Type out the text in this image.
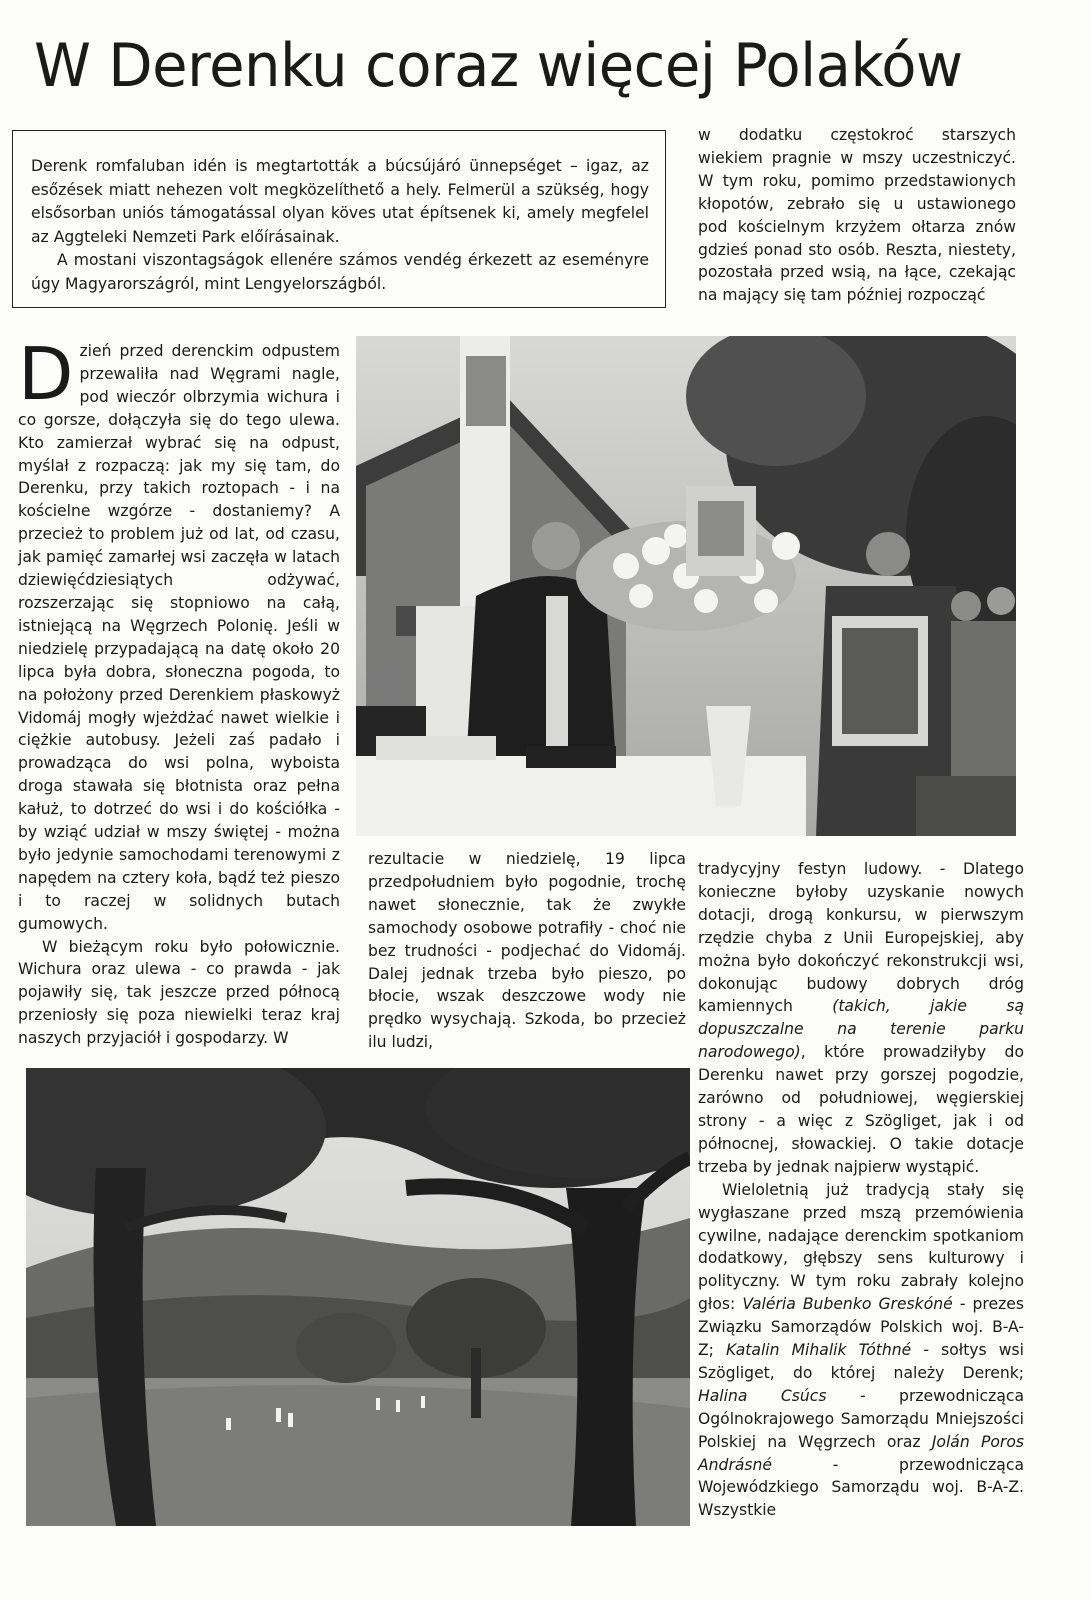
W Derenku coraz więcej Polaków

Derenk romfaluban idén is megtartották a búcsújáró ünnepséget – igaz, az esőzések miatt nehezen volt megközelíthető a hely. Felmerül a szükség, hogy elsősorban uniós támogatással olyan köves utat építsenek ki, amely megfelel az Aggteleki Nemzeti Park előírásainak.

A mostani viszontagságok ellenére számos vendég érkezett az eseményre úgy Magyarországról, mint Lengyelországból.

w dodatku częstokroć starszych wiekiem pragnie w mszy uczestniczyć. W tym roku, pomimo przedstawionych kłopotów, zebrało się u ustawionego pod kościelnym krzyżem ołtarza znów gdzieś ponad sto osób. Reszta, niestety, pozostała przed wsią, na łące, czekając na mający się tam później rozpocząć

Dzień przed derenckim odpustem przewaliła nad Węgrami nagle, pod wieczór olbrzymia wichura i co gorsze, dołączyła się do tego ulewa. Kto zamierzał wybrać się na odpust, myślał z rozpaczą: jak my się tam, do Derenku, przy takich roztopach - i na kościelne wzgórze - dostaniemy? A przecież to problem już od lat, od czasu, jak pamięć zamarłej wsi zaczęła w latach dziewięćdziesiątych odżywać, rozszerzając się stopniowo na całą, istniejącą na Węgrzech Polonię. Jeśli w niedzielę przypadającą na datę około 20 lipca była dobra, słoneczna pogoda, to na położony przed Derenkiem płaskowyż Vidomáj mogły wjeżdżać nawet wielkie i ciężkie autobusy. Jeżeli zaś padało i prowadząca do wsi polna, wyboista droga stawała się błotnista oraz pełna kałuż, to dotrzeć do wsi i do kościółka - by wziąć udział w mszy świętej - można było jedynie samochodami terenowymi z napędem na cztery koła, bądź też pieszo i to raczej w solidnych butach gumowych.

W bieżącym roku było połowicznie. Wichura oraz ulewa - co prawda - jak pojawiły się, tak jeszcze przed północą przeniosły się poza niewielki teraz kraj naszych przyjaciół i gospodarzy. W

rezultacie w niedzielę, 19 lipca przedpołudniem było pogodnie, trochę nawet słonecznie, tak że zwykłe samochody osobowe potrafiły - choć nie bez trudności - podjechać do Vidomáj. Dalej jednak trzeba było pieszo, po błocie, wszak deszczowe wody nie prędko wysychają. Szkoda, bo przecież ilu ludzi,

tradycyjny festyn ludowy. - Dlatego konieczne byłoby uzyskanie nowych dotacji, drogą konkursu, w pierwszym rzędzie chyba z Unii Europejskiej, aby można było dokończyć rekonstrukcji wsi, dokonując budowy dobrych dróg kamiennych (takich, jakie są dopuszczalne na terenie parku narodowego), które prowadziłyby do Derenku nawet przy gorszej pogodzie, zarówno od południowej, węgierskiej strony - a więc z Szögliget, jak i od północnej, słowackiej. O takie dotacje trzeba by jednak najpierw wystąpić.

Wieloletnią już tradycją stały się wygłaszane przed mszą przemówienia cywilne, nadające derenckim spotkaniom dodatkowy, głębszy sens kulturowy i polityczny. W tym roku zabrały kolejno głos: Valéria Bubenko Greskóné - prezes Związku Samorządów Polskich woj. B-A-Z; Katalin Mihalik Tóthné - sołtys wsi Szögliget, do której należy Derenk; Halina Csúcs - przewodnicząca Ogólnokrajowego Samorządu Mniejszości Polskiej na Węgrzech oraz Jolán Poros Andrásné - przewodnicząca Wojewódzkiego Samorządu woj. B-A-Z. Wszystkie
